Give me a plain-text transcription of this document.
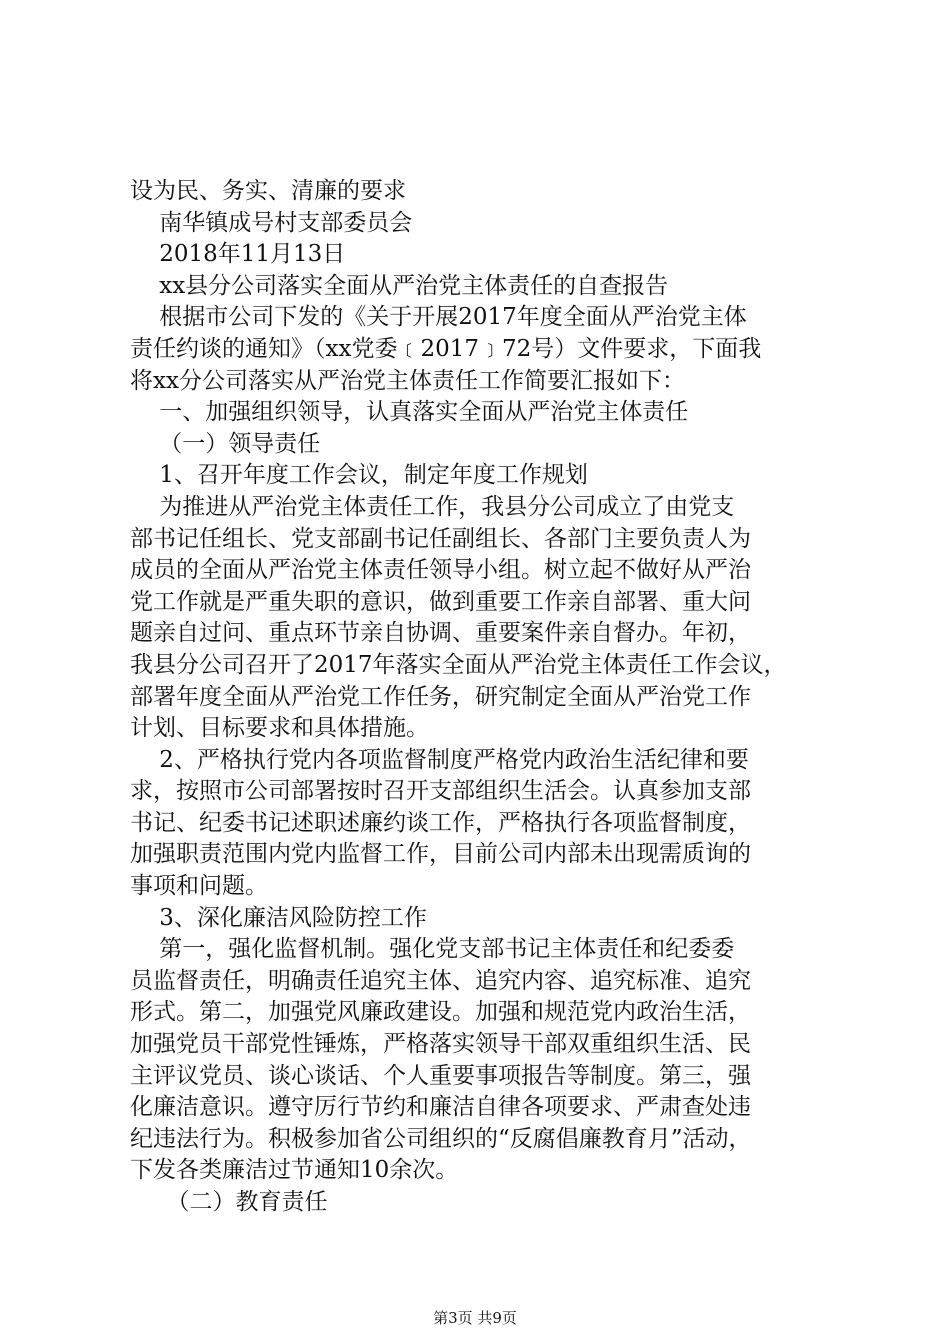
设为民、务实、清廉的要求
南华镇成号村支部委员会
2018年11月13日
xx县分公司落实全面从严治党主体责任的自查报告
根据市公司下发的《关于开展2017年度全面从严治党主体
责任约谈的通知》（xx党委﹝2017﹞72号）文件要求，下面我
将xx分公司落实从严治党主体责任工作简要汇报如下：
一、加强组织领导，认真落实全面从严治党主体责任
（一）领导责任
1、召开年度工作会议，制定年度工作规划
为推进从严治党主体责任工作，我县分公司成立了由党支
部书记任组长、党支部副书记任副组长、各部门主要负责人为
成员的全面从严治党主体责任领导小组。树立起不做好从严治
党工作就是严重失职的意识，做到重要工作亲自部署、重大问
题亲自过问、重点环节亲自协调、重要案件亲自督办。年初，
我县分公司召开了2017年落实全面从严治党主体责任工作会议，
部署年度全面从严治党工作任务，研究制定全面从严治党工作
计划、目标要求和具体措施。
2、严格执行党内各项监督制度严格党内政治生活纪律和要
求，按照市公司部署按时召开支部组织生活会。认真参加支部
书记、纪委书记述职述廉约谈工作，严格执行各项监督制度，
加强职责范围内党内监督工作，目前公司内部未出现需质询的
事项和问题。
3、深化廉洁风险防控工作
第一，强化监督机制。强化党支部书记主体责任和纪委委
员监督责任，明确责任追究主体、追究内容、追究标准、追究
形式。第二，加强党风廉政建设。加强和规范党内政治生活，
加强党员干部党性锤炼，严格落实领导干部双重组织生活、民
主评议党员、谈心谈话、个人重要事项报告等制度。第三，强
化廉洁意识。遵守厉行节约和廉洁自律各项要求、严肃查处违
纪违法行为。积极参加省公司组织的“反腐倡廉教育月”活动，
下发各类廉洁过节通知10余次。
（二）教育责任
第3页 共9页
